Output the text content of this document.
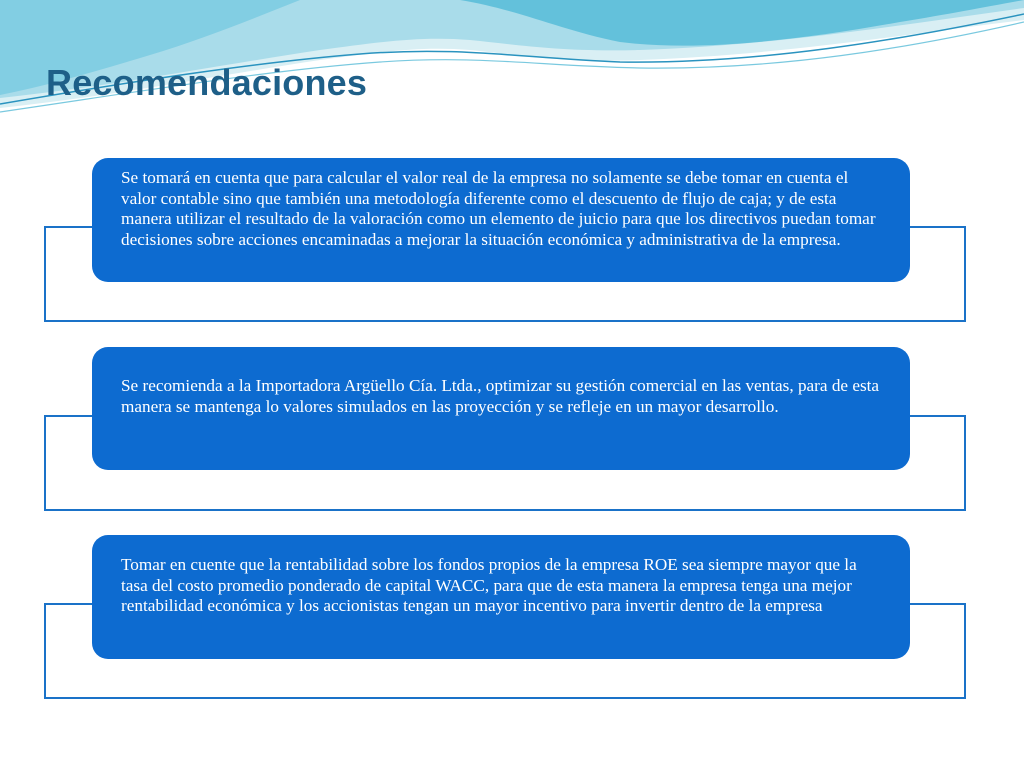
Recomendaciones

Se tomará en cuenta que para calcular el valor real de la empresa no solamente se debe tomar en cuenta el valor contable sino que también una metodología diferente como el descuento de flujo de caja; y de esta manera utilizar el resultado de la valoración como un elemento de juicio para que los directivos puedan tomar decisiones sobre acciones encaminadas a mejorar la situación económica y administrativa de la empresa.

Se recomienda a la Importadora Argüello Cía. Ltda., optimizar su gestión comercial en las ventas, para de esta manera se mantenga lo valores simulados en las proyección y se refleje en un mayor desarrollo.

Tomar en cuente que la rentabilidad sobre los fondos propios de la empresa ROE sea siempre mayor que la tasa del costo promedio ponderado de capital WACC, para que de esta manera la empresa tenga una mejor rentabilidad económica y los accionistas tengan un mayor incentivo para invertir dentro de la empresa
